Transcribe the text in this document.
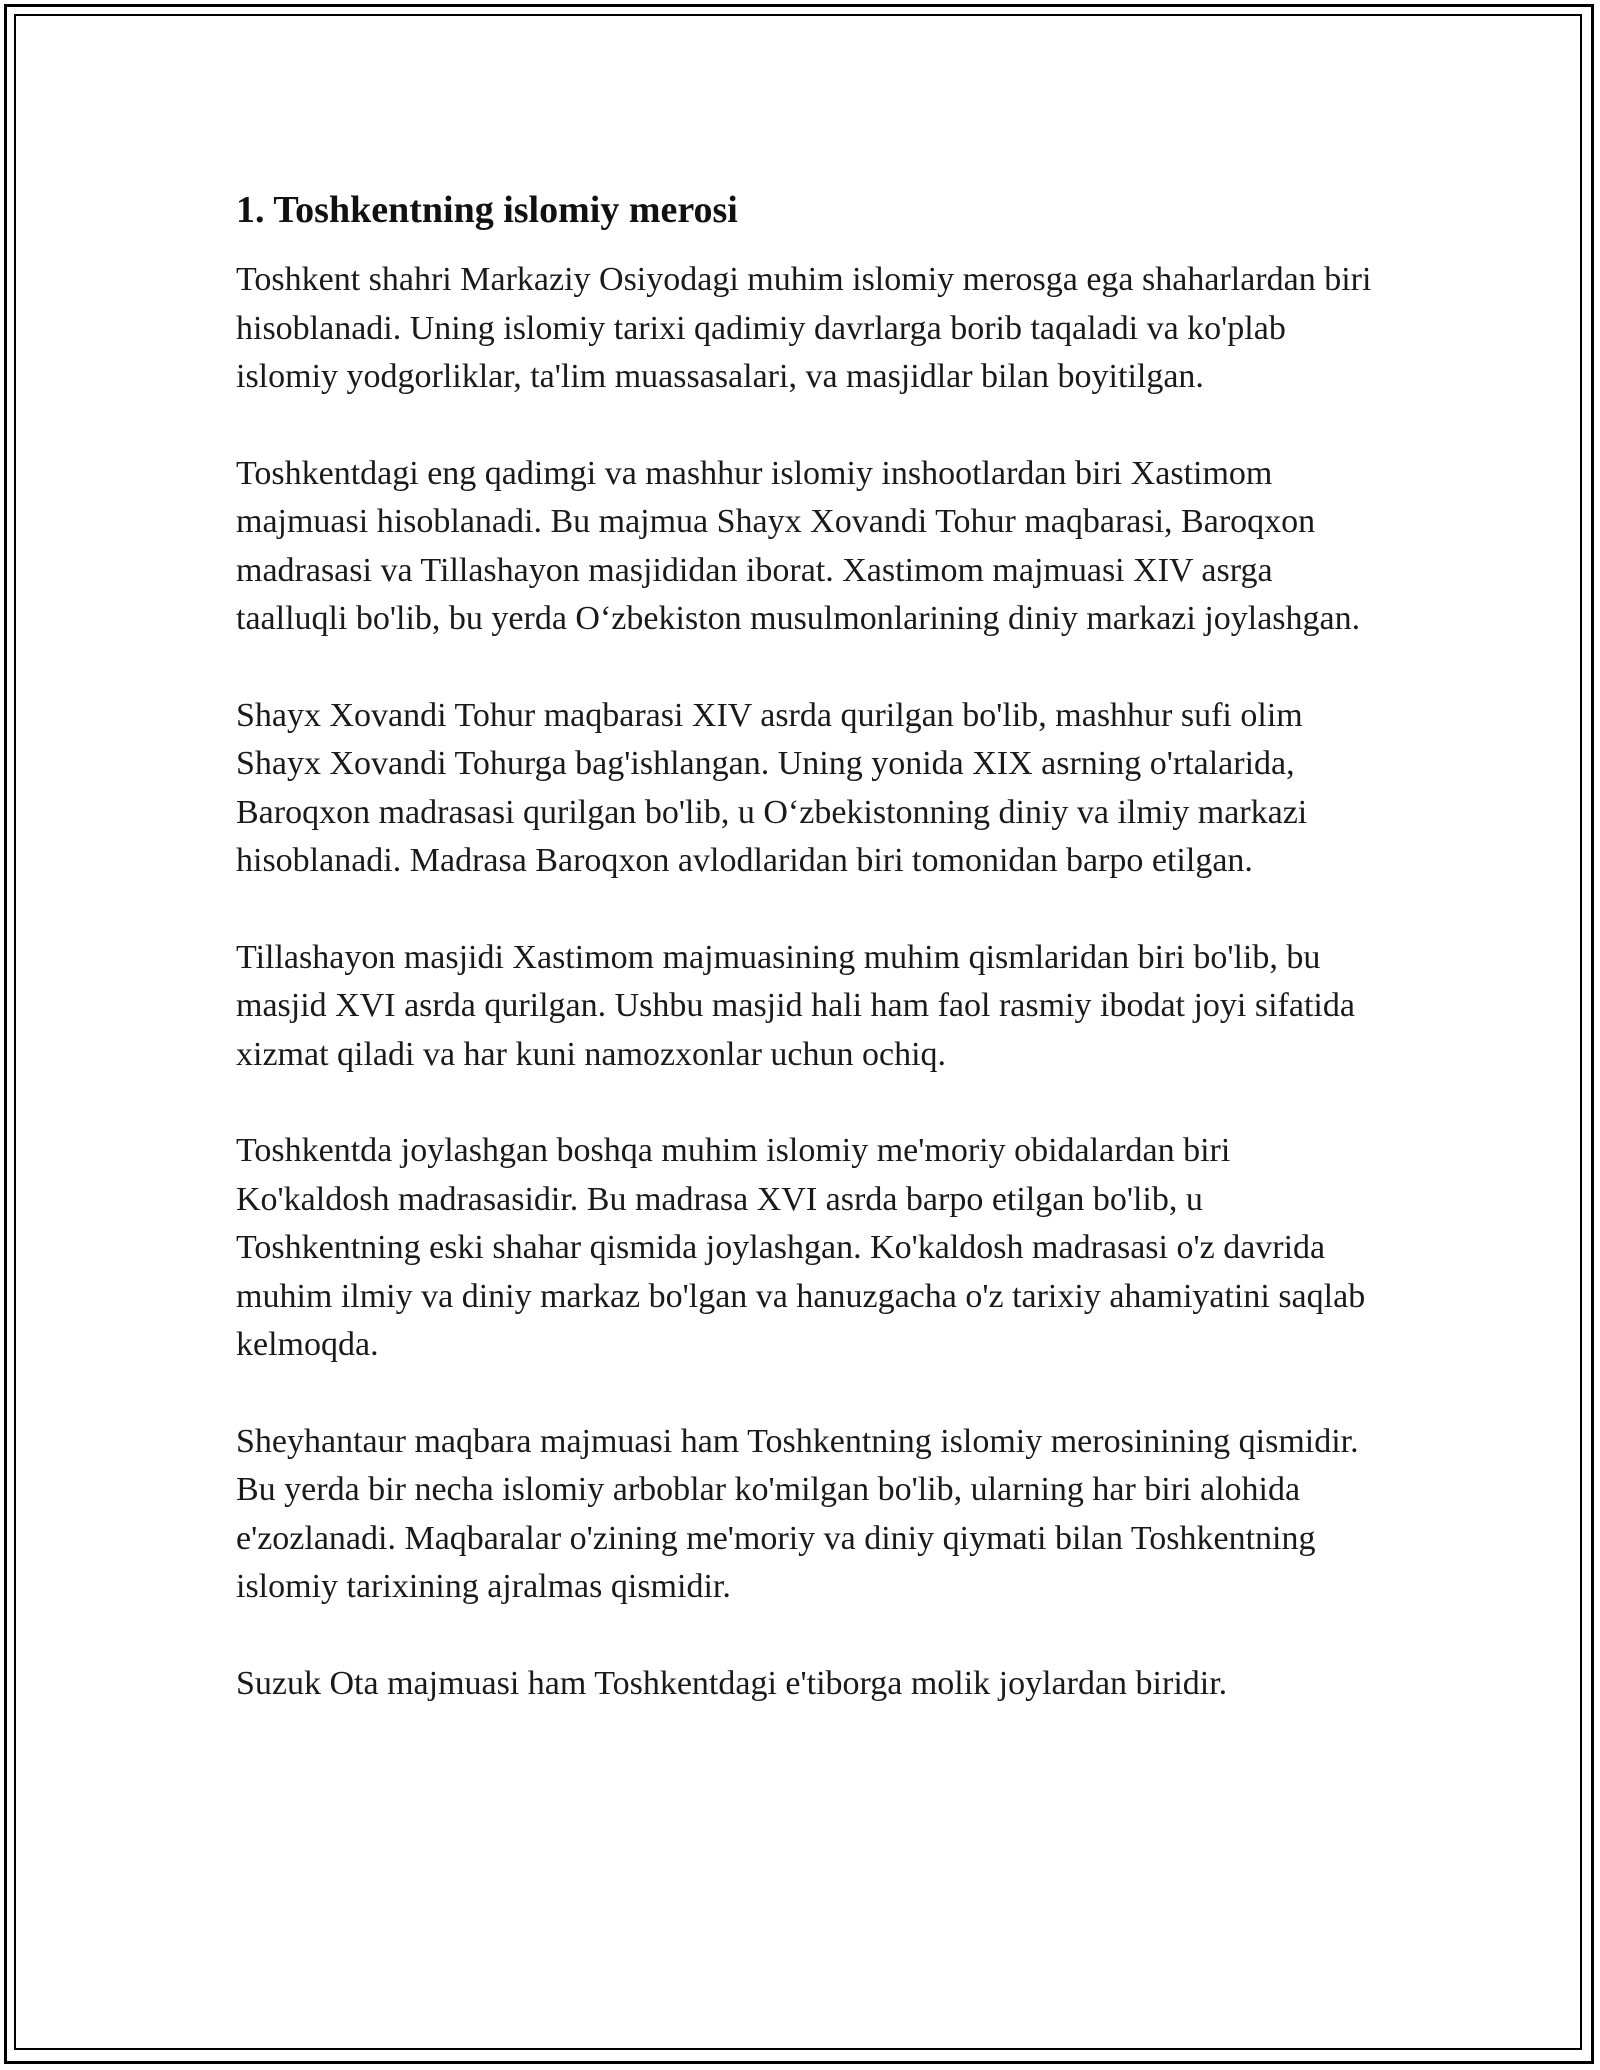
1. Toshkentning islomiy merosi

Toshkent shahri Markaziy Osiyodagi muhim islomiy merosga ega shaharlardan biri hisoblanadi. Uning islomiy tarixi qadimiy davrlarga borib taqaladi va ko'plab islomiy yodgorliklar, ta'lim muassasalari, va masjidlar bilan boyitilgan.

Toshkentdagi eng qadimgi va mashhur islomiy inshootlardan biri Xastimom majmuasi hisoblanadi. Bu majmua Shayx Xovandi Tohur maqbarasi, Baroqxon madrasasi va Tillashayon masjididan iborat. Xastimom majmuasi XIV asrga taalluqli bo'lib, bu yerda O‘zbekiston musulmonlarining diniy markazi joylashgan.

Shayx Xovandi Tohur maqbarasi XIV asrda qurilgan bo'lib, mashhur sufi olim Shayx Xovandi Tohurga bag'ishlangan. Uning yonida XIX asrning o'rtalarida, Baroqxon madrasasi qurilgan bo'lib, u O‘zbekistonning diniy va ilmiy markazi hisoblanadi. Madrasa Baroqxon avlodlaridan biri tomonidan barpo etilgan.

Tillashayon masjidi Xastimom majmuasining muhim qismlaridan biri bo'lib, bu masjid XVI asrda qurilgan. Ushbu masjid hali ham faol rasmiy ibodat joyi sifatida xizmat qiladi va har kuni namozxonlar uchun ochiq.

Toshkentda joylashgan boshqa muhim islomiy me'moriy obidalardan biri Ko'kaldosh madrasasidir. Bu madrasa XVI asrda barpo etilgan bo'lib, u Toshkentning eski shahar qismida joylashgan. Ko'kaldosh madrasasi o'z davrida muhim ilmiy va diniy markaz bo'lgan va hanuzgacha o'z tarixiy ahamiyatini saqlab kelmoqda.

Sheyhantaur maqbara majmuasi ham Toshkentning islomiy merosinining qismidir. Bu yerda bir necha islomiy arboblar ko'milgan bo'lib, ularning har biri alohida e'zozlanadi. Maqbaralar o'zining me'moriy va diniy qiymati bilan Toshkentning islomiy tarixining ajralmas qismidir.

Suzuk Ota majmuasi ham Toshkentdagi e'tiborga molik joylardan biridir.
